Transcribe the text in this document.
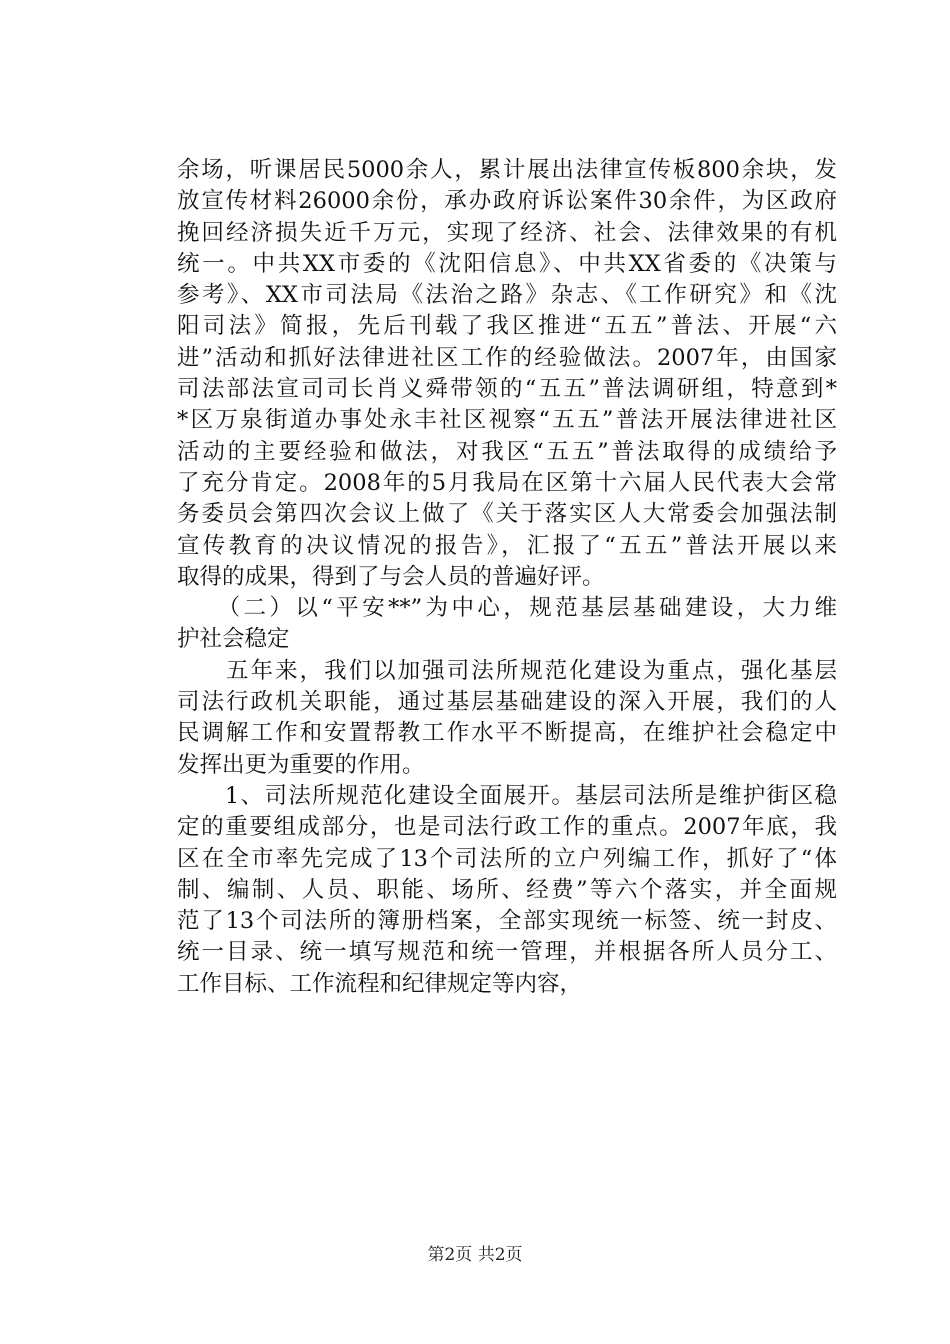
余场，听课居民5000余人，累计展出法律宣传板800余块，发
放宣传材料26000余份，承办政府诉讼案件30余件，为区政府
挽回经济损失近千万元，实现了经济、社会、法律效果的有机
统一。中共XX市委的《沈阳信息》、中共XX省委的《决策与
参考》、XX市司法局《法治之路》杂志、《工作研究》和《沈
阳司法》简报，先后刊载了我区推进“五五”普法、开展“六
进”活动和抓好法律进社区工作的经验做法。2007年，由国家
司法部法宣司司长肖义舜带领的“五五”普法调研组，特意到*
*区万泉街道办事处永丰社区视察“五五”普法开展法律进社区
活动的主要经验和做法，对我区“五五”普法取得的成绩给予
了充分肯定。2008年的5月我局在区第十六届人民代表大会常
务委员会第四次会议上做了《关于落实区人大常委会加强法制
宣传教育的决议情况的报告》，汇报了“五五”普法开展以来
取得的成果，得到了与会人员的普遍好评。
　　（二）以“平安**”为中心，规范基层基础建设，大力维
护社会稳定
　　五年来，我们以加强司法所规范化建设为重点，强化基层
司法行政机关职能，通过基层基础建设的深入开展，我们的人
民调解工作和安置帮教工作水平不断提高，在维护社会稳定中
发挥出更为重要的作用。
　　1、司法所规范化建设全面展开。基层司法所是维护街区稳
定的重要组成部分，也是司法行政工作的重点。2007年底，我
区在全市率先完成了13个司法所的立户列编工作，抓好了“体
制、编制、人员、职能、场所、经费”等六个落实，并全面规
范了13个司法所的簿册档案，全部实现统一标签、统一封皮、
统一目录、统一填写规范和统一管理，并根据各所人员分工、
工作目标、工作流程和纪律规定等内容，
第2页 共2页
